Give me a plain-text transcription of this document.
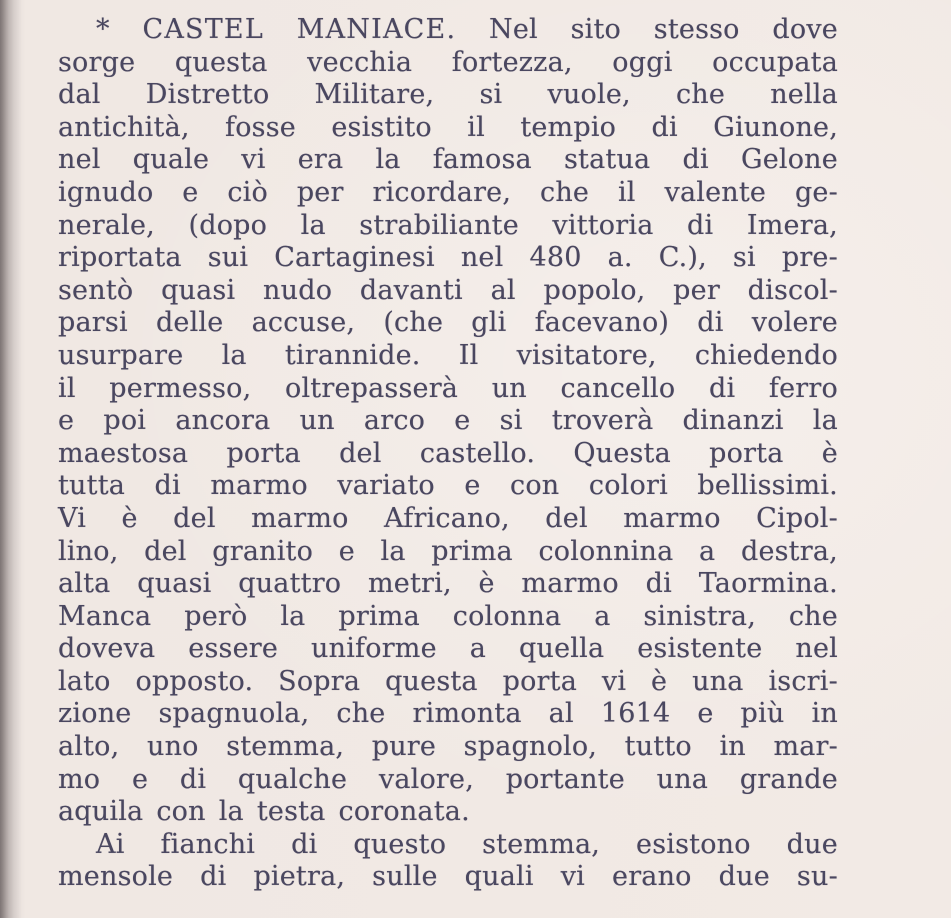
* CASTEL MANIACE. Nel sito stesso dove
sorge questa vecchia fortezza, oggi occupata
dal Distretto Militare, si vuole, che nella
antichità, fosse esistito il tempio di Giunone,
nel quale vi era la famosa statua di Gelone
ignudo e ciò per ricordare, che il valente ge-
nerale, (dopo la strabiliante vittoria di Imera,
riportata sui Cartaginesi nel 480 a. C.), si pre-
sentò quasi nudo davanti al popolo, per discol-
parsi delle accuse, (che gli facevano) di volere
usurpare la tirannide. Il visitatore, chiedendo
il permesso, oltrepasserà un cancello di ferro
e poi ancora un arco e si troverà dinanzi la
maestosa porta del castello. Questa porta è
tutta di marmo variato e con colori bellissimi.
Vi è del marmo Africano, del marmo Cipol-
lino, del granito e la prima colonnina a destra,
alta quasi quattro metri, è marmo di Taormina.
Manca però la prima colonna a sinistra, che
doveva essere uniforme a quella esistente nel
lato opposto. Sopra questa porta vi è una iscri-
zione spagnuola, che rimonta al 1614 e più in
alto, uno stemma, pure spagnolo, tutto in mar-
mo e di qualche valore, portante una grande
aquila con la testa coronata.
Ai fianchi di questo stemma, esistono due
mensole di pietra, sulle quali vi erano due su-
